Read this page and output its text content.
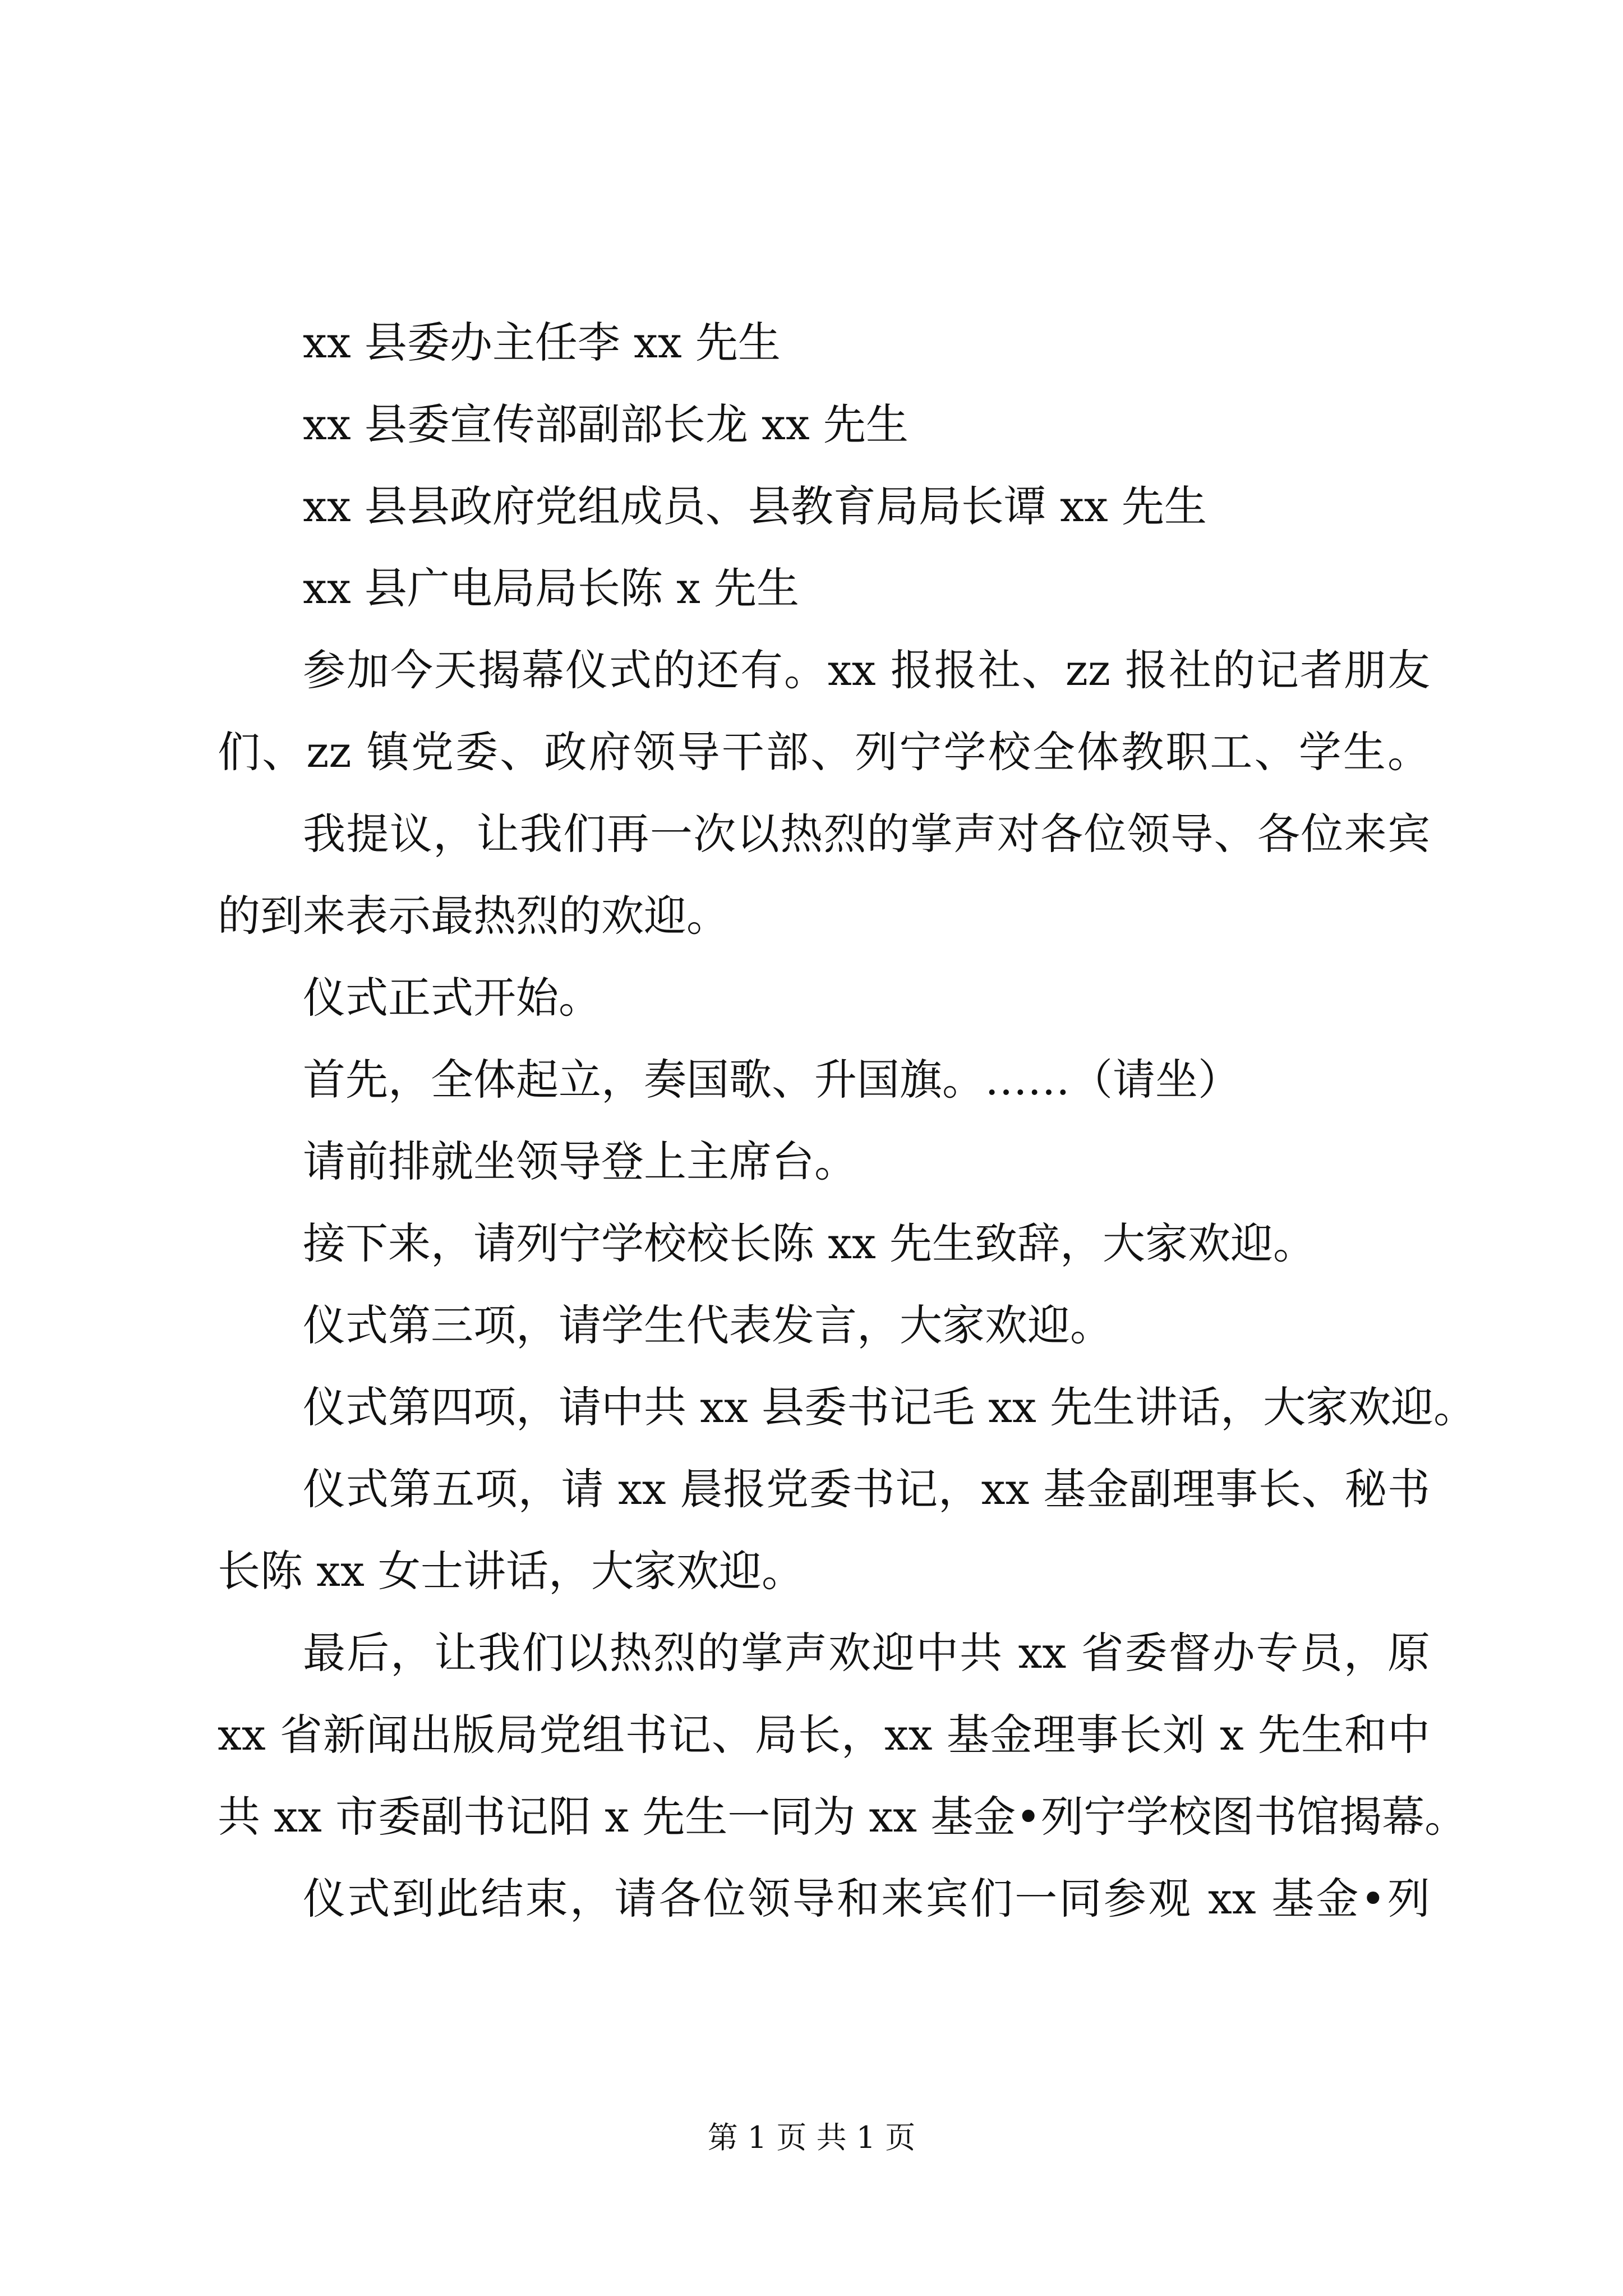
xx 县委办主任李 xx 先生

xx 县委宣传部副部长龙 xx 先生

xx 县县政府党组成员、县教育局局长谭 xx 先生

xx 县广电局局长陈 x 先生

参加今天揭幕仪式的还有。xx 报报社、zz 报社的记者朋友

们、zz 镇党委、政府领导干部、列宁学校全体教职工、学生。

我提议，让我们再一次以热烈的掌声对各位领导、各位来宾

的到来表示最热烈的欢迎。

仪式正式开始。

首先，全体起立，奏国歌、升国旗。……（请坐）

请前排就坐领导登上主席台。

接下来，请列宁学校校长陈 xx 先生致辞，大家欢迎。

仪式第三项，请学生代表发言，大家欢迎。

仪式第四项，请中共 xx 县委书记毛 xx 先生讲话，大家欢迎。

仪式第五项，请 xx 晨报党委书记，xx 基金副理事长、秘书

长陈 xx 女士讲话，大家欢迎。

最后，让我们以热烈的掌声欢迎中共 xx 省委督办专员，原

xx 省新闻出版局党组书记、局长，xx 基金理事长刘 x 先生和中

共 xx 市委副书记阳 x 先生一同为 xx 基金•列宁学校图书馆揭幕。

仪式到此结束，请各位领导和来宾们一同参观 xx 基金•列

第 1 页 共 1 页
